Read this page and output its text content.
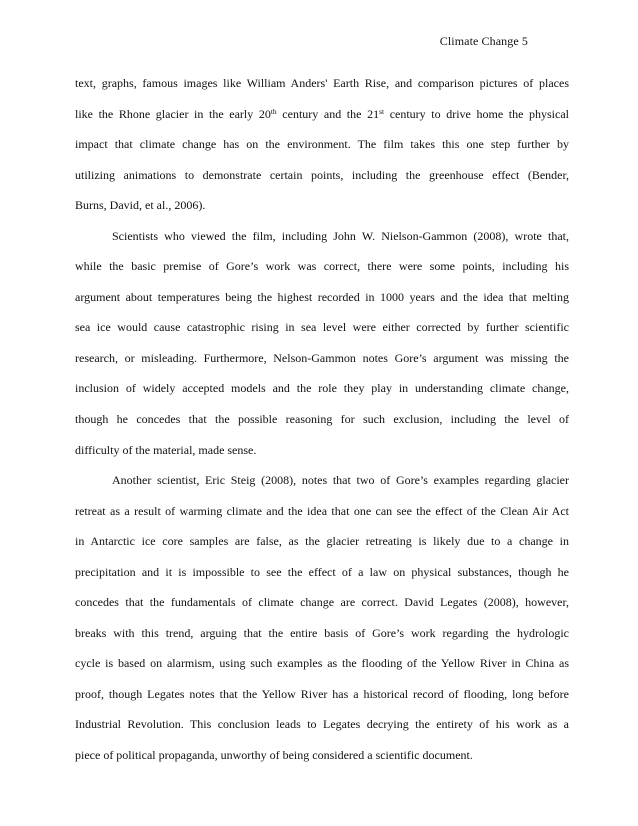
Climate Change 5
text, graphs, famous images like William Anders' Earth Rise, and comparison pictures of places
like the Rhone glacier in the early 20th century and the 21st century to drive home the physical
impact that climate change has on the environment. The film takes this one step further by
utilizing animations to demonstrate certain points, including the greenhouse effect (Bender,
Burns, David, et al., 2006).
Scientists who viewed the film, including John W. Nielson-Gammon (2008), wrote that,
while the basic premise of Gore’s work was correct, there were some points, including his
argument about temperatures being the highest recorded in 1000 years and the idea that melting
sea ice would cause catastrophic rising in sea level were either corrected by further scientific
research, or misleading. Furthermore, Nelson-Gammon notes Gore’s argument was missing the
inclusion of widely accepted models and the role they play in understanding climate change,
though he concedes that the possible reasoning for such exclusion, including the level of
difficulty of the material, made sense.
Another scientist, Eric Steig (2008), notes that two of Gore’s examples regarding glacier
retreat as a result of warming climate and the idea that one can see the effect of the Clean Air Act
in Antarctic ice core samples are false, as the glacier retreating is likely due to a change in
precipitation and it is impossible to see the effect of a law on physical substances, though he
concedes that the fundamentals of climate change are correct. David Legates (2008), however,
breaks with this trend, arguing that the entire basis of Gore’s work regarding the hydrologic
cycle is based on alarmism, using such examples as the flooding of the Yellow River in China as
proof, though Legates notes that the Yellow River has a historical record of flooding, long before
Industrial Revolution. This conclusion leads to Legates decrying the entirety of his work as a
piece of political propaganda, unworthy of being considered a scientific document.
